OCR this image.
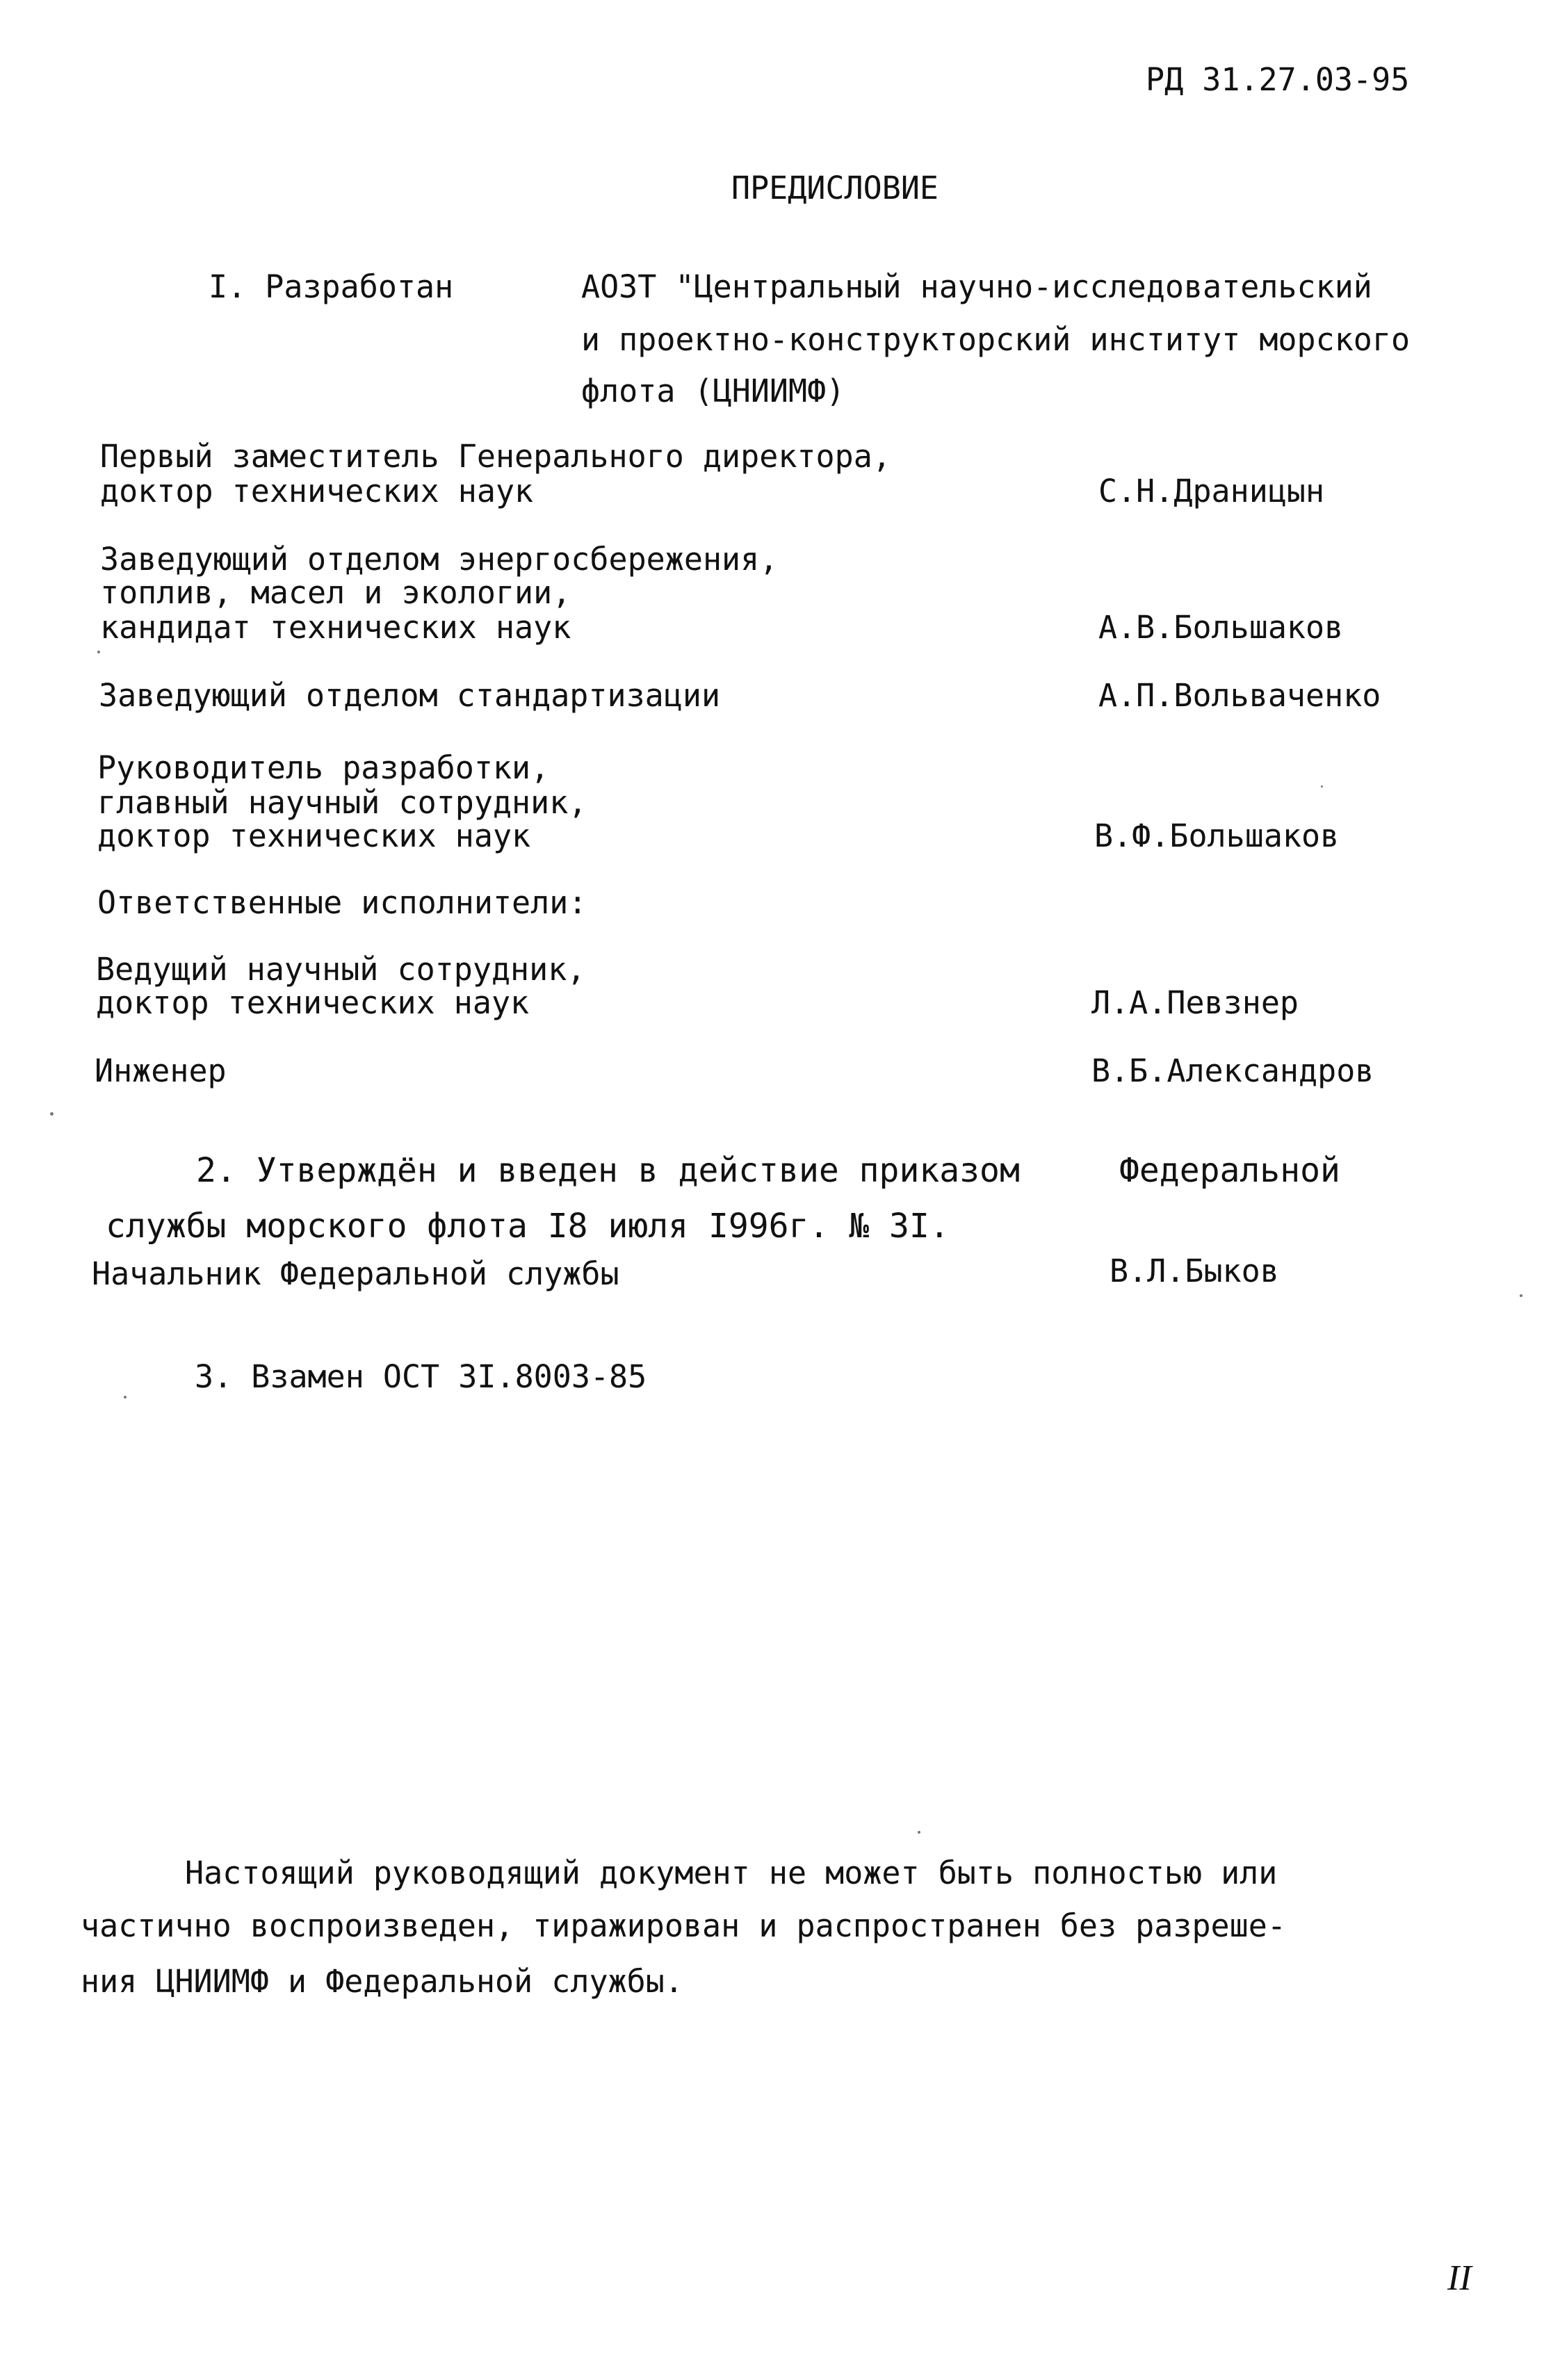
РД 31.27.03-95
ПРЕДИСЛОВИЕ
I. Разработан	АОЗТ "Центральный научно-исследовательский
и проектно-конструкторский институт морского
флота (ЦНИИМФ)
Первый заместитель Генерального директора,
доктор технических наук	С.Н.Драницын
Заведующий отделом энергосбережения,
топлив, масел и экологии,
кандидат технических наук	А.В.Большаков
Заведующий отделом стандартизации	А.П.Вольваченко
Руководитель разработки,
главный научный сотрудник,
доктор технических наук	В.Ф.Большаков
Ответственные исполнители:
Ведущий научный сотрудник,
доктор технических наук	Л.А.Певзнер
Инженер	В.Б.Александров
2. Утверждён и введен в действие приказом	Федеральной
службы морского флота I8 июля I996г. № 3I.
Начальник Федеральной службы	В.Л.Быков
3. Взамен ОСТ 3I.8003-85
Настоящий руководящий документ не может быть полностью или
частично воспроизведен, тиражирован и распространен без разреше-
ния ЦНИИМФ и Федеральной службы.
II
